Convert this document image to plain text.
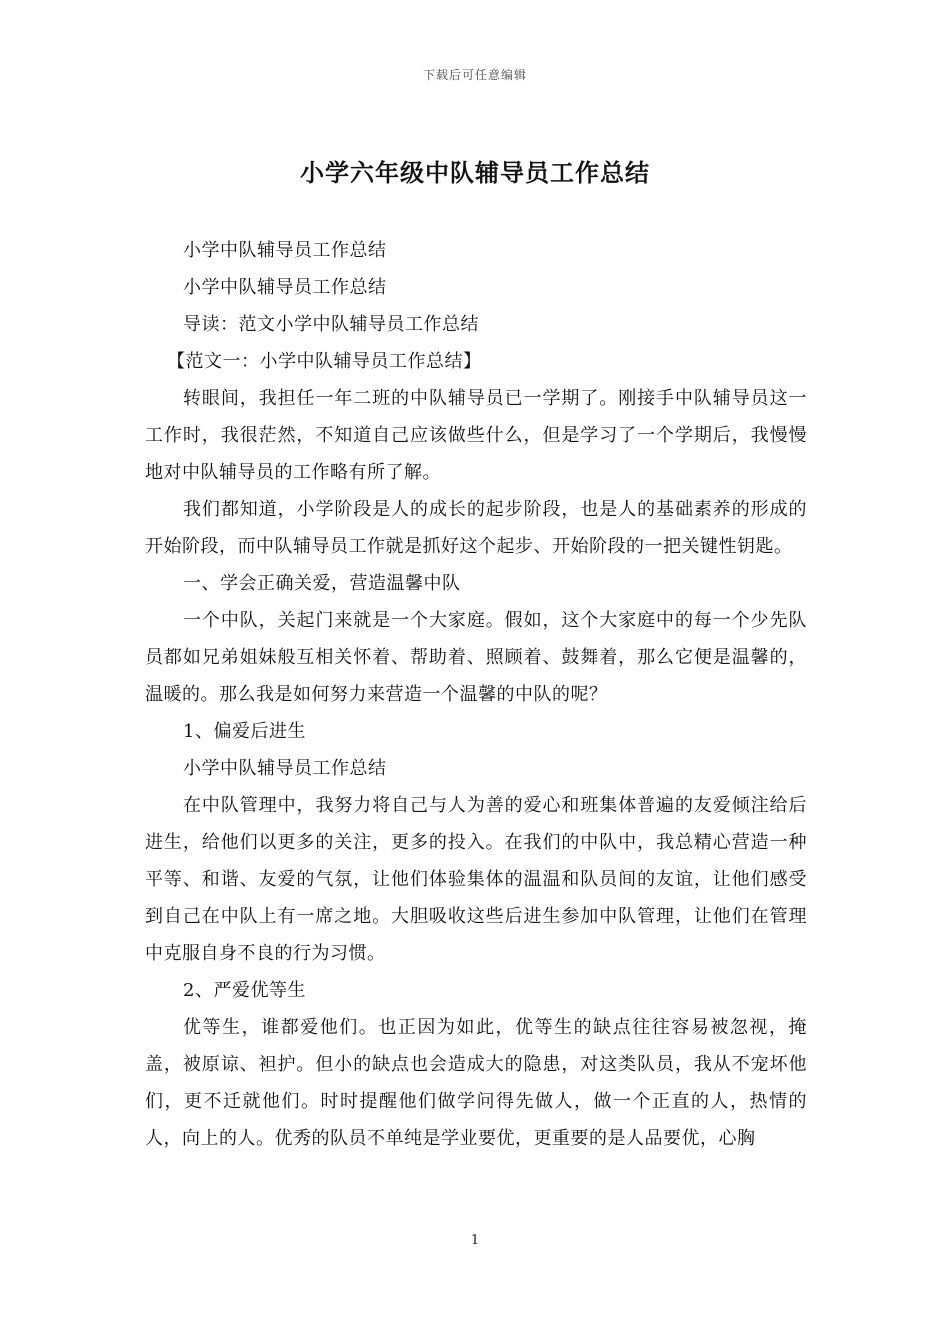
下载后可任意编辑
小学六年级中队辅导员工作总结

小学中队辅导员工作总结

小学中队辅导员工作总结

导读：范文小学中队辅导员工作总结

【范文一：小学中队辅导员工作总结】

转眼间，我担任一年二班的中队辅导员已一学期了。刚接手中队辅导员这一工作时，我很茫然，不知道自己应该做些什么，但是学习了一个学期后，我慢慢地对中队辅导员的工作略有所了解。

我们都知道，小学阶段是人的成长的起步阶段，也是人的基础素养的形成的开始阶段，而中队辅导员工作就是抓好这个起步、开始阶段的一把关键性钥匙。

一、学会正确关爱，营造温馨中队

一个中队，关起门来就是一个大家庭。假如，这个大家庭中的每一个少先队员都如兄弟姐妹般互相关怀着、帮助着、照顾着、鼓舞着，那么它便是温馨的，温暖的。那么我是如何努力来营造一个温馨的中队的呢？

1、偏爱后进生

小学中队辅导员工作总结

在中队管理中，我努力将自己与人为善的爱心和班集体普遍的友爱倾注给后进生，给他们以更多的关注，更多的投入。在我们的中队中，我总精心营造一种平等、和谐、友爱的气氛，让他们体验集体的温温和队员间的友谊，让他们感受到自己在中队上有一席之地。大胆吸收这些后进生参加中队管理，让他们在管理中克服自身不良的行为习惯。

2、严爱优等生

优等生，谁都爱他们。也正因为如此，优等生的缺点往往容易被忽视，掩盖，被原谅、袒护。但小的缺点也会造成大的隐患，对这类队员，我从不宠坏他们，更不迁就他们。时时提醒他们做学问得先做人，做一个正直的人，热情的人，向上的人。优秀的队员不单纯是学业要优，更重要的是人品要优，心胸

1
